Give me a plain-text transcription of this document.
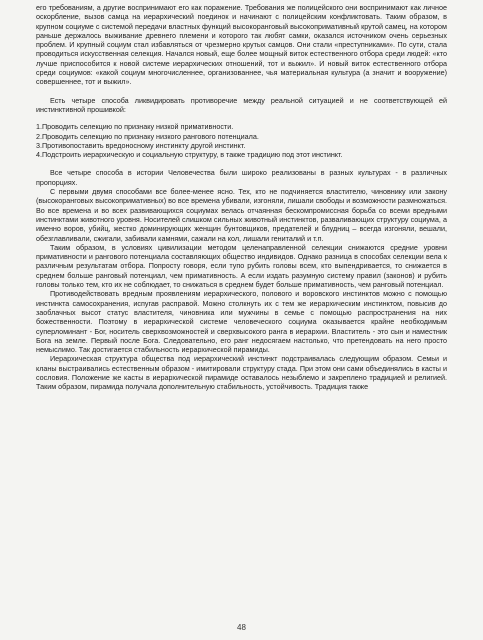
его требованиям, а другие воспринимают его как поражение. Требования же полицейского они воспринимают как личное оскорбление, вызов самца на иерархический поединок и начинают с полицейским конфликтовать. Таким образом, в крупном социуме с системой передачи властных функций высокоранговый высокопримативный крутой самец, на котором раньше держалось выживание древнего племени и которого так любят самки, оказался источником очень серьезных проблем. И крупный социум стал избавляться от чрезмерно крутых самцов. Они стали «преступниками». По сути, стала проводиться искусственная селекция. Начался новый, еще более мощный виток естественного отбора среди людей: «кто лучше приспособится к новой системе иерархических отношений, тот и выжил». И новый виток естественного отбора среди социумов: «какой социум многочисленнее, организованнее, чья материальная культура (а значит и вооружение) совершеннее, тот и выжил».

Есть четыре способа ликвидировать противоречие между реальной ситуацией и не соответствующей ей инстинктивной прошивкой:

1.Проводить селекцию по признаку низкой примативности.

2.Проводить селекцию по признаку низкого рангового потенциала.

3.Противопоставить вредоносному инстинкту другой инстинкт.

4.Подстроить иерархическую и социальную структуру, в также традицию под этот инстинкт.

Все четыре способа в истории Человечества были широко реализованы в разных культурах - в различных пропорциях.

С первыми двумя способами все более-менее ясно. Тех, кто не подчиняется властителю, чиновнику или закону (высокоранговых высокопримативных) во все времена убивали, изгоняли, лишали свободы и возможности размножаться. Во все времена и во всех развивающихся социумах велась отчаянная бескомпромиссная борьба со всеми вредными инстинктами животного уровня. Носителей слишком сильных животный инстинктов, разваливающих структуру социума, а именно воров, убийц, жестко доминирующих женщин бунтовщиков, предателей и блудниц – всегда изгоняли, вешали, обезглавливали, сжигали, забивали камнями, сажали на кол, лишали гениталий и т.п.

Таким образом, в условиях цивилизации методом целенаправленной селекции снижаются средние уровни примативности и рангового потенциала составляющих общество индивидов. Однако разница в способах селекции вела к различным результатам отбора. Попросту говоря, если тупо рубить головы всем, кто выпендривается, то снижается в среднем больше ранговый потенциал, чем примативность. А если издать разумную систему правил (законов) и рубить головы только тем, кто их не соблюдает, то снижаться в среднем будет больше примативность, чем ранговый потенциал.

Противодействовать вредным проявлениям иерархического, полового и воровского инстинктов можно с помощью инстинкта самосохранения, испугав расправой. Можно столкнуть их с тем же иерархическим инстинктом, повысив до заоблачных высот статус властителя, чиновника или мужчины в семье с помощью распространения на них божественности. Поэтому в иерархической системе человеческого социума оказывается крайне необходимым суперломинант - Бог, носитель сверхвозможностей и сверхвысокого ранга в иерархии. Властитель - это сын и наместник Бога на земле. Первый после Бога. Следовательно, его ранг недосягаем настолько, что претендовать на него просто немыслимо. Так достигается стабильность иерархической пирамиды.

Иерархическая структура общества под иерархический инстинкт подстраивалась следующим образом. Семьи и кланы выстраивались естественным образом - имитировали структуру стада. При этом они сами объединялись в касты и сословия. Положение же касты в иерархической пирамиде оставалось незыблемо и закреплено традицией и религией. Таким образом, пирамида получала дополнительную стабильность, устойчивость. Традиция также

48
